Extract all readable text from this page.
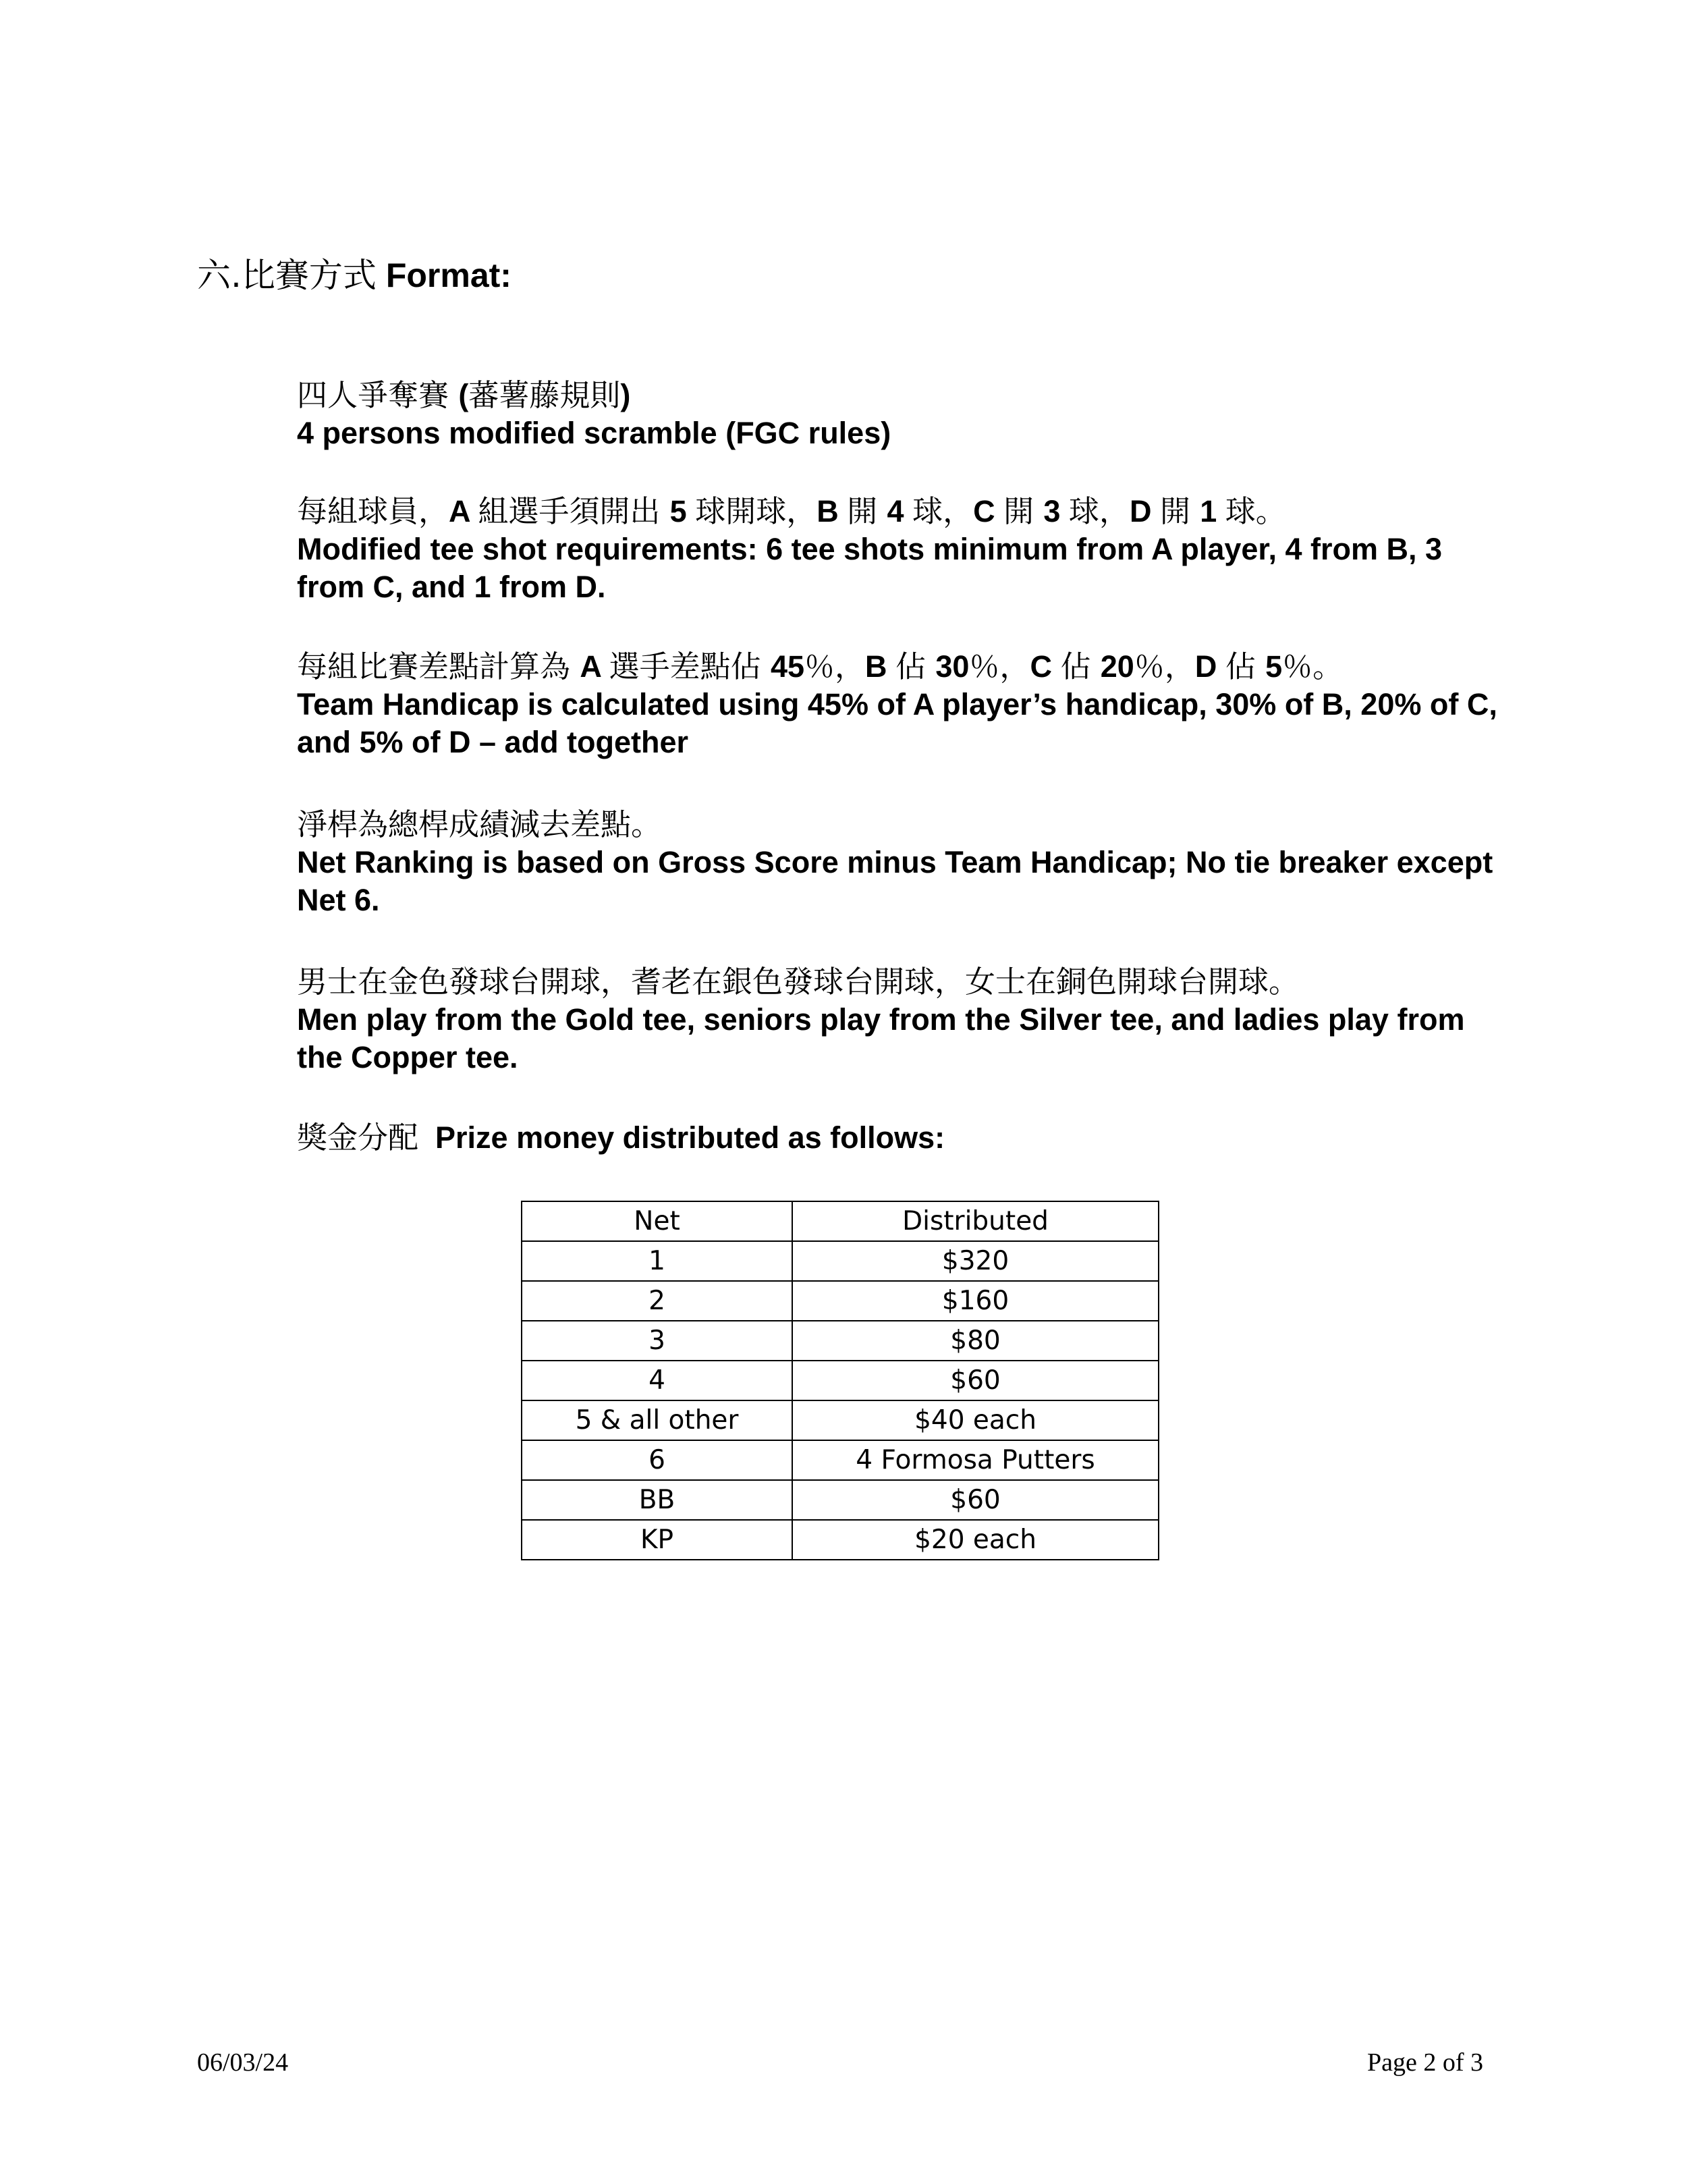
六.比賽方式 Format:
四人爭奪賽 (蕃薯藤規則)
4 persons modified scramble (FGC rules)
每組球員，A 組選手須開出 5 球開球，B 開 4 球，C 開 3 球，D 開 1 球。
Modified tee shot requirements: 6 tee shots minimum from A player, 4 from B, 3 from C, and 1 from D.
每組比賽差點計算為 A 選手差點佔 45％，B 佔 30％，C 佔 20％，D 佔 5％。
Team Handicap is calculated using 45% of A player’s handicap, 30% of B, 20% of C, and 5% of D – add together
淨桿為總桿成績減去差點。
Net Ranking is based on Gross Score minus Team Handicap; No tie breaker except Net 6.
男士在金色發球台開球，耆老在銀色發球台開球，女士在銅色開球台開球。
Men play from the Gold tee, seniors play from the Silver tee, and ladies play from the Copper tee.
獎金分配 Prize money distributed as follows:
Net	Distributed
1	$320
2	$160
3	$80
4	$60
5 & all other	$40 each
6	4 Formosa Putters
BB	$60
KP	$20 each
06/03/24	Page 2 of 3
